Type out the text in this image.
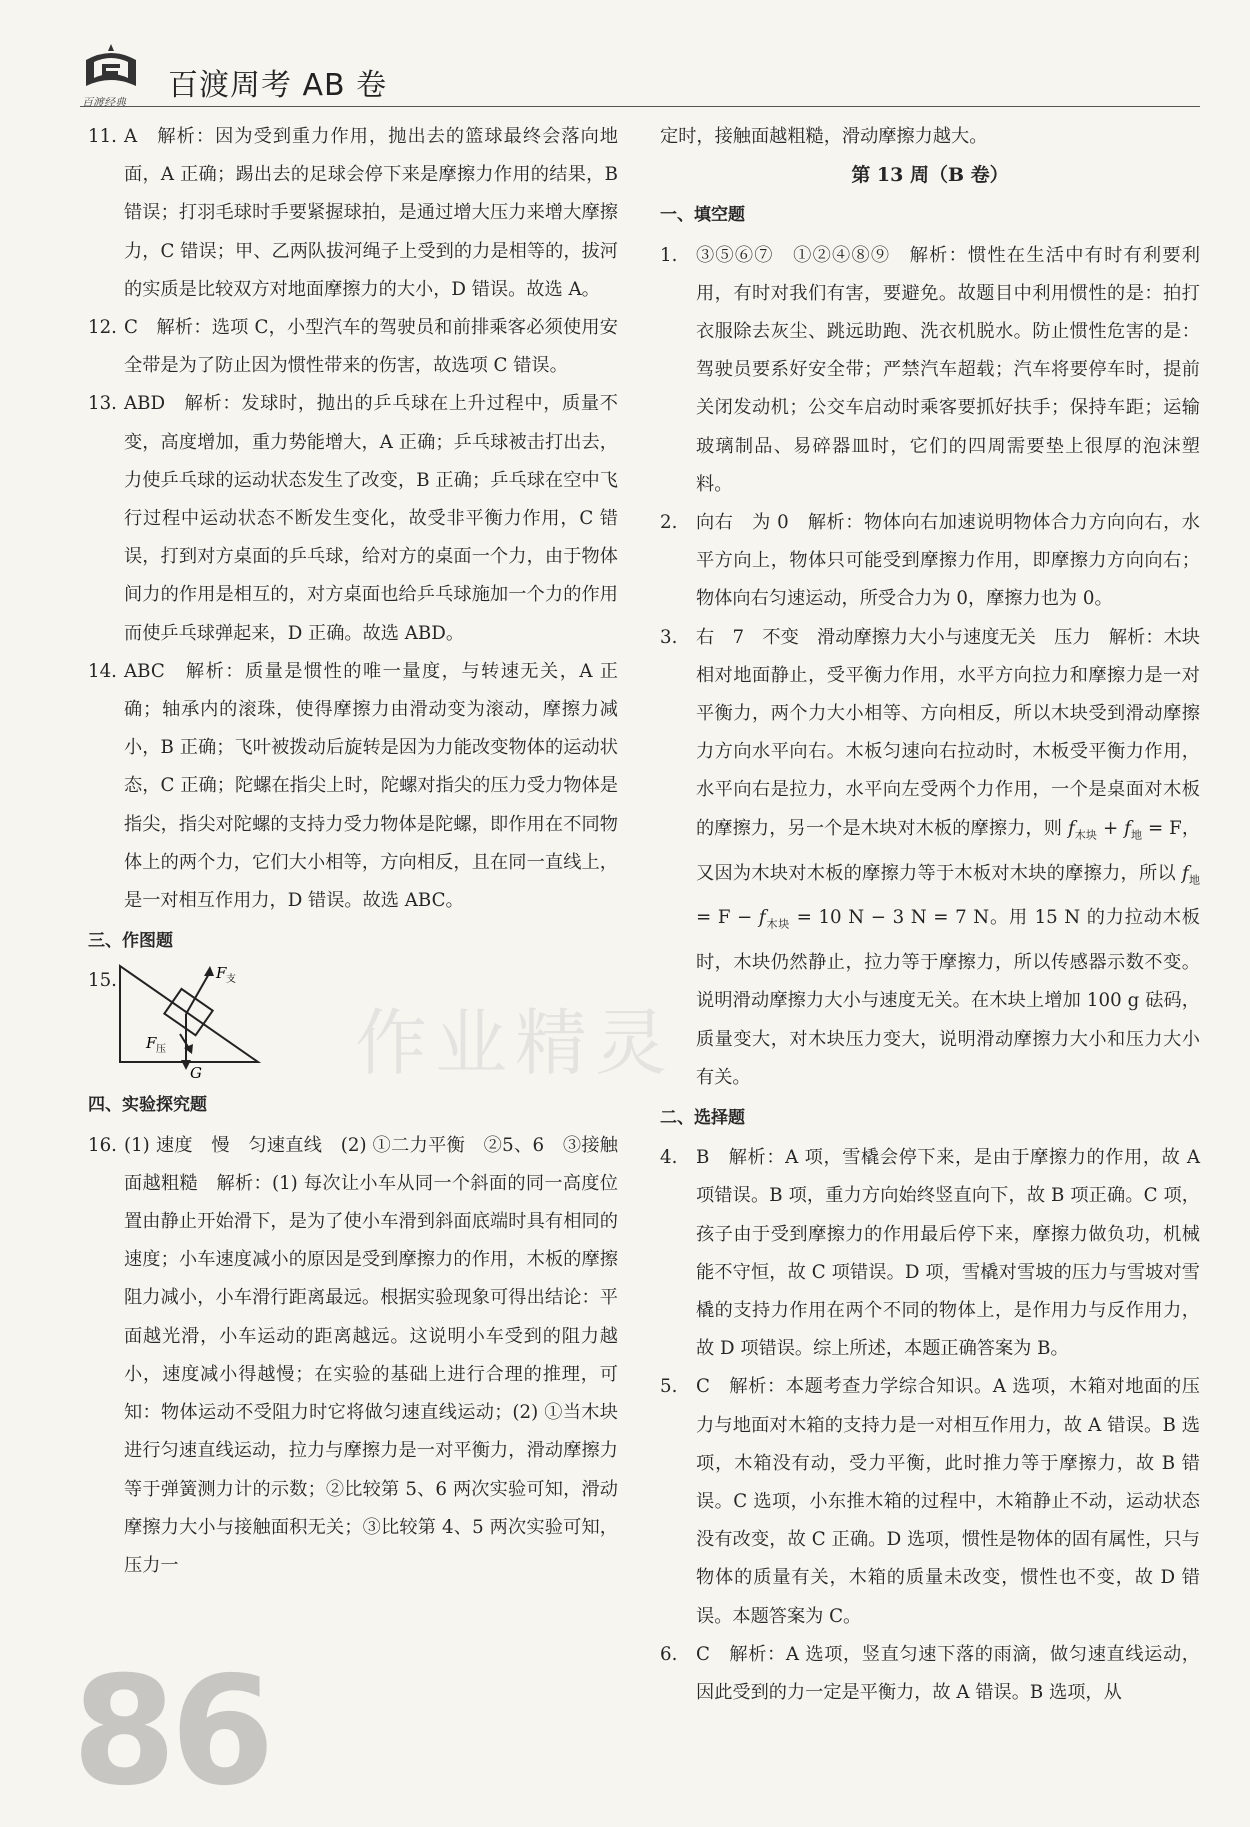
百渡经典 百渡周考 AB 卷
作业精灵
11. A　解析：因为受到重力作用，抛出去的篮球最终会落向地面，A 正确；踢出去的足球会停下来是摩擦力作用的结果，B 错误；打羽毛球时手要紧握球拍，是通过增大压力来增大摩擦力，C 错误；甲、乙两队拔河绳子上受到的力是相等的，拔河的实质是比较双方对地面摩擦力的大小，D 错误。故选 A。
12. C　解析：选项 C，小型汽车的驾驶员和前排乘客必须使用安全带是为了防止因为惯性带来的伤害，故选项 C 错误。
13. ABD　解析：发球时，抛出的乒乓球在上升过程中，质量不变，高度增加，重力势能增大，A 正确；乒乓球被击打出去，力使乒乓球的运动状态发生了改变，B 正确；乒乓球在空中飞行过程中运动状态不断发生变化，故受非平衡力作用，C 错误，打到对方桌面的乒乓球，给对方的桌面一个力，由于物体间力的作用是相互的，对方桌面也给乒乓球施加一个力的作用而使乒乓球弹起来，D 正确。故选 ABD。
14. ABC　解析：质量是惯性的唯一量度，与转速无关，A 正确；轴承内的滚珠，使得摩擦力由滑动变为滚动，摩擦力减小，B 正确；飞叶被拨动后旋转是因为力能改变物体的运动状态，C 正确；陀螺在指尖上时，陀螺对指尖的压力受力物体是指尖，指尖对陀螺的支持力受力物体是陀螺，即作用在不同物体上的两个力，它们大小相等，方向相反，且在同一直线上，是一对相互作用力，D 错误。故选 ABC。
三、作图题
15.	F 支
F 压
G
四、实验探究题
16. (1) 速度　慢　匀速直线　(2) ①二力平衡　②5、6　③接触面越粗糙　解析：(1) 每次让小车从同一个斜面的同一高度位置由静止开始滑下，是为了使小车滑到斜面底端时具有相同的速度；小车速度减小的原因是受到摩擦力的作用，木板的摩擦阻力减小，小车滑行距离最远。根据实验现象可得出结论：平面越光滑，小车运动的距离越远。这说明小车受到的阻力越小，速度减小得越慢；在实验的基础上进行合理的推理，可知：物体运动不受阻力时它将做匀速直线运动；(2) ①当木块进行匀速直线运动，拉力与摩擦力是一对平衡力，滑动摩擦力等于弹簧测力计的示数；②比较第 5、6 两次实验可知，滑动摩擦力大小与接触面积无关；③比较第 4、5 两次实验可知，压力一
定时，接触面越粗糙，滑动摩擦力越大。
第 13 周（B 卷）
一、填空题
1. ③⑤⑥⑦　①②④⑧⑨　解析：惯性在生活中有时有利要利用，有时对我们有害，要避免。故题目中利用惯性的是：拍打衣服除去灰尘、跳远助跑、洗衣机脱水。防止惯性危害的是：驾驶员要系好安全带；严禁汽车超载；汽车将要停车时，提前关闭发动机；公交车启动时乘客要抓好扶手；保持车距；运输玻璃制品、易碎器皿时，它们的四周需要垫上很厚的泡沫塑料。
2. 向右　为 0　解析：物体向右加速说明物体合力方向向右，水平方向上，物体只可能受到摩擦力作用，即摩擦力方向向右；物体向右匀速运动，所受合力为 0，摩擦力也为 0。
3. 右　7　不变　滑动摩擦力大小与速度无关　压力　解析：木块相对地面静止，受平衡力作用，水平方向拉力和摩擦力是一对平衡力，两个力大小相等、方向相反，所以木块受到滑动摩擦力方向水平向右。木板匀速向右拉动时，木板受平衡力作用，水平向右是拉力，水平向左受两个力作用，一个是桌面对木板的摩擦力，另一个是木块对木板的摩擦力，则 $f_{木块} + f_地 = F$，又因为木块对木板的摩擦力等于木板对木块的摩擦力，所以 $f_地 = F - f_{木块} = 10$ N − 3 N = 7 N。用 15 N 的力拉动木板时，木块仍然静止，拉力等于摩擦力，所以传感器示数不变。说明滑动摩擦力大小与速度无关。在木块上增加 100 g 砝码，质量变大，对木块压力变大，说明滑动摩擦力大小和压力大小有关。
二、选择题
4. B　解析：A 项，雪橇会停下来，是由于摩擦力的作用，故 A 项错误。B 项，重力方向始终竖直向下，故 B 项正确。C 项，孩子由于受到摩擦力的作用最后停下来，摩擦力做负功，机械能不守恒，故 C 项错误。D 项，雪橇对雪坡的压力与雪坡对雪橇的支持力作用在两个不同的物体上，是作用力与反作用力，故 D 项错误。综上所述，本题正确答案为 B。
5. C　解析：本题考查力学综合知识。A 选项，木箱对地面的压力与地面对木箱的支持力是一对相互作用力，故 A 错误。B 选项，木箱没有动，受力平衡，此时推力等于摩擦力，故 B 错误。C 选项，小东推木箱的过程中，木箱静止不动，运动状态没有改变，故 C 正确。D 选项，惯性是物体的固有属性，只与物体的质量有关，木箱的质量未改变，惯性也不变，故 D 错误。本题答案为 C。
6. C　解析：A 选项，竖直匀速下落的雨滴，做匀速直线运动，因此受到的力一定是平衡力，故 A 错误。B 选项，从
86
